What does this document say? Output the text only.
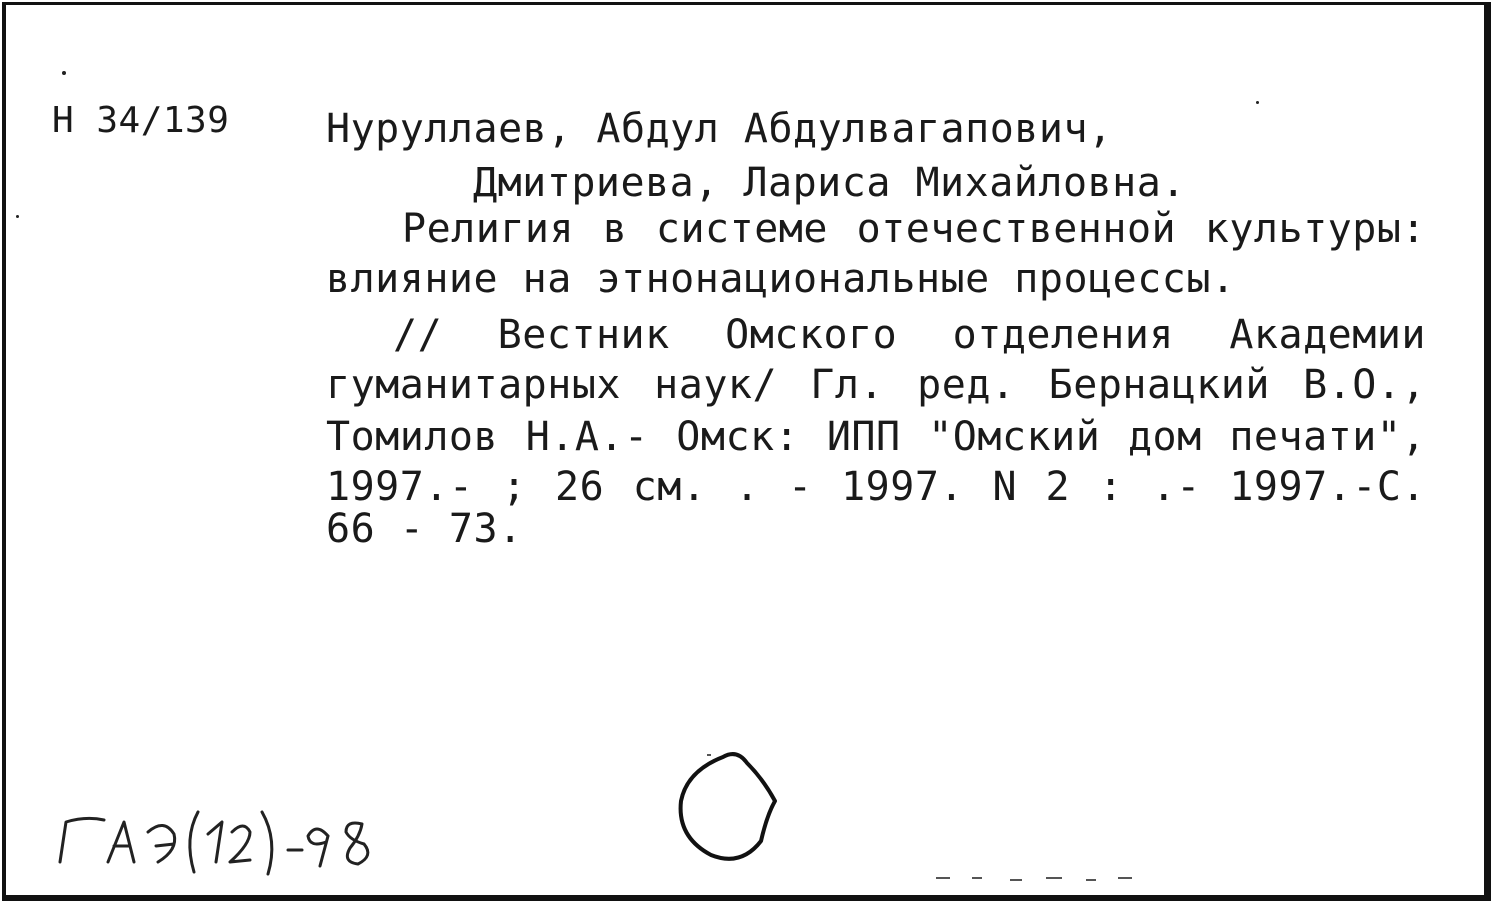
Н 34/139 Нуруллаев, Абдул Абдулвагапович,
Дмитриева, Лариса Михайловна.
Религия в системе отечественной культуры:
влияние на этнонациональные процессы.
// Вестник Омского отделения Академии
гуманитарных наук/ Гл. ред. Бернацкий В.О.,
Томилов Н.А.- Омск: ИПП "Омский дом печати",
1997.- ; 26 см. . - 1997. N 2 : .- 1997.-С.
66 - 73.
